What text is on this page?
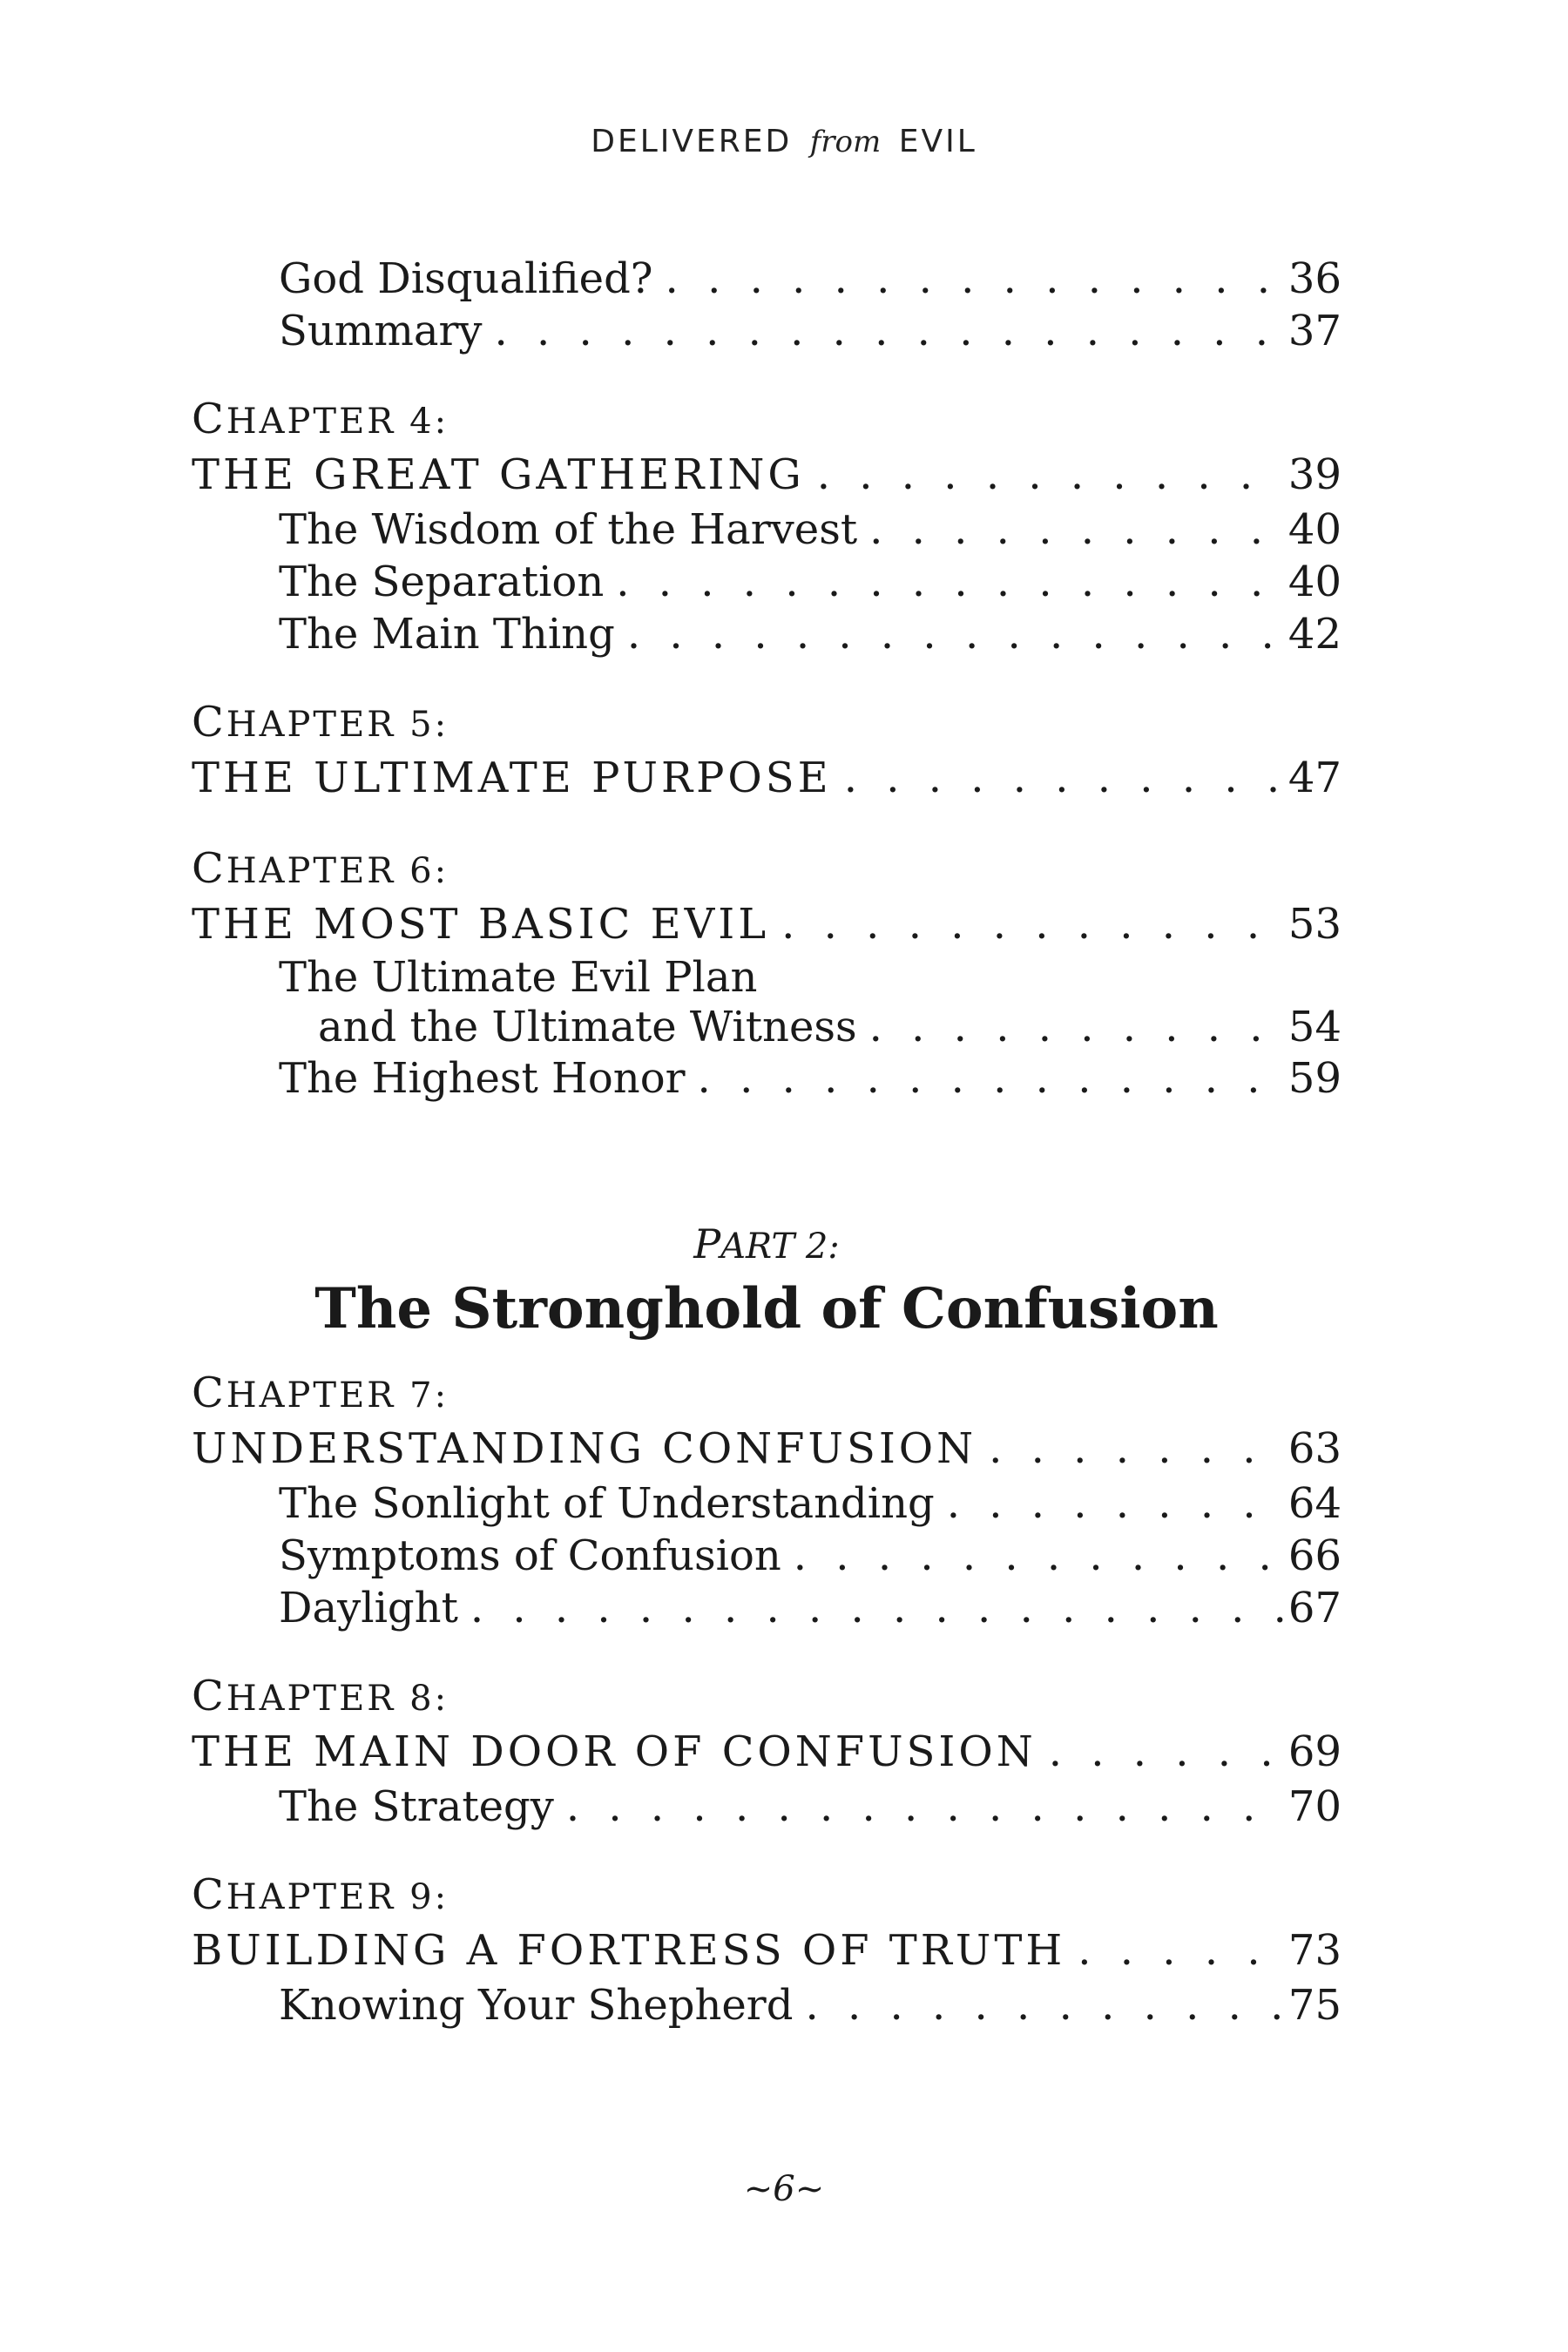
DELIVERED from EVIL
God Disqualified? . . .	36
Summary . . .	37
CHAPTER 4:
THE GREAT GATHERING . . .	39
The Wisdom of the Harvest . . .	40
The Separation . . .	40
The Main Thing . . .	42
CHAPTER 5:
THE ULTIMATE PURPOSE . . .	47
CHAPTER 6:
THE MOST BASIC EVIL . . .	53
The Ultimate Evil Plan
and the Ultimate Witness . . .	54
The Highest Honor . . .	59
PART 2:
The Stronghold of Confusion
CHAPTER 7:
UNDERSTANDING CONFUSION . . .	63
The Sonlight of Understanding . . .	64
Symptoms of Confusion . . .	66
Daylight . . .	67
CHAPTER 8:
THE MAIN DOOR OF CONFUSION . . .	69
The Strategy . . .	70
CHAPTER 9:
BUILDING A FORTRESS OF TRUTH . . .	73
Knowing Your Shepherd . . .	75
~6~
